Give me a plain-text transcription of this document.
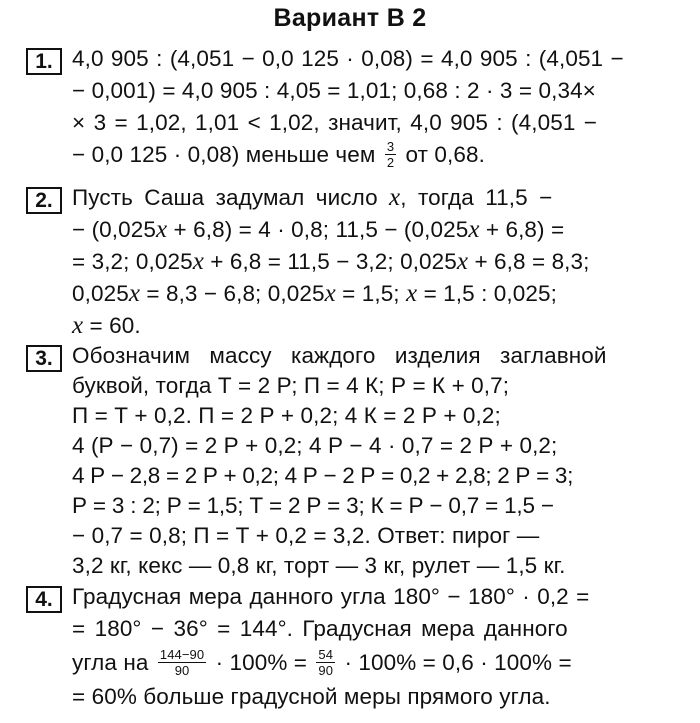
Вариант В 2
1. 4,0 905 : (4,051 − 0,0 125 · 0,08) = 4,0 905 : (4,051 −
− 0,001) = 4,0 905 : 4,05 = 1,01; 0,68 : 2 · 3 = 0,34×
× 3 = 1,02, 1,01 < 1,02, значит, 4,0 905 : (4,051 −
− 0,0 125 · 0,08) меньше чем $\frac{3}{2}$ от 0,68.
2. Пусть Саша задумал число x, тогда 11,5 −
− (0,025x + 6,8) = 4 · 0,8; 11,5 − (0,025x + 6,8) =
= 3,2; 0,025x + 6,8 = 11,5 − 3,2; 0,025x + 6,8 = 8,3;
0,025x = 8,3 − 6,8; 0,025x = 1,5; x = 1,5 : 0,025;
x = 60.
3. Обозначим массу каждого изделия заглавной
буквой, тогда Т = 2 Р; П = 4 К; Р = К + 0,7;
П = Т + 0,2. П = 2 Р + 0,2; 4 К = 2 Р + 0,2;
4 (Р − 0,7) = 2 Р + 0,2; 4 Р − 4 · 0,7 = 2 Р + 0,2;
4 Р − 2,8 = 2 Р + 0,2; 4 Р − 2 Р = 0,2 + 2,8; 2 Р = 3;
Р = 3 : 2; Р = 1,5; Т = 2 Р = 3; К = Р − 0,7 = 1,5 −
− 0,7 = 0,8; П = Т + 0,2 = 3,2. Ответ: пирог —
3,2 кг, кекс — 0,8 кг, торт — 3 кг, рулет — 1,5 кг.
4. Градусная мера данного угла 180° − 180° · 0,2 =
= 180° − 36° = 144°. Градусная мера данного
угла на $\frac{144-90}{90} \cdot 100\% = \frac{54}{90} \cdot 100\% = 0,6 \cdot 100\%$ =
= 60% больше градусной меры прямого угла.
